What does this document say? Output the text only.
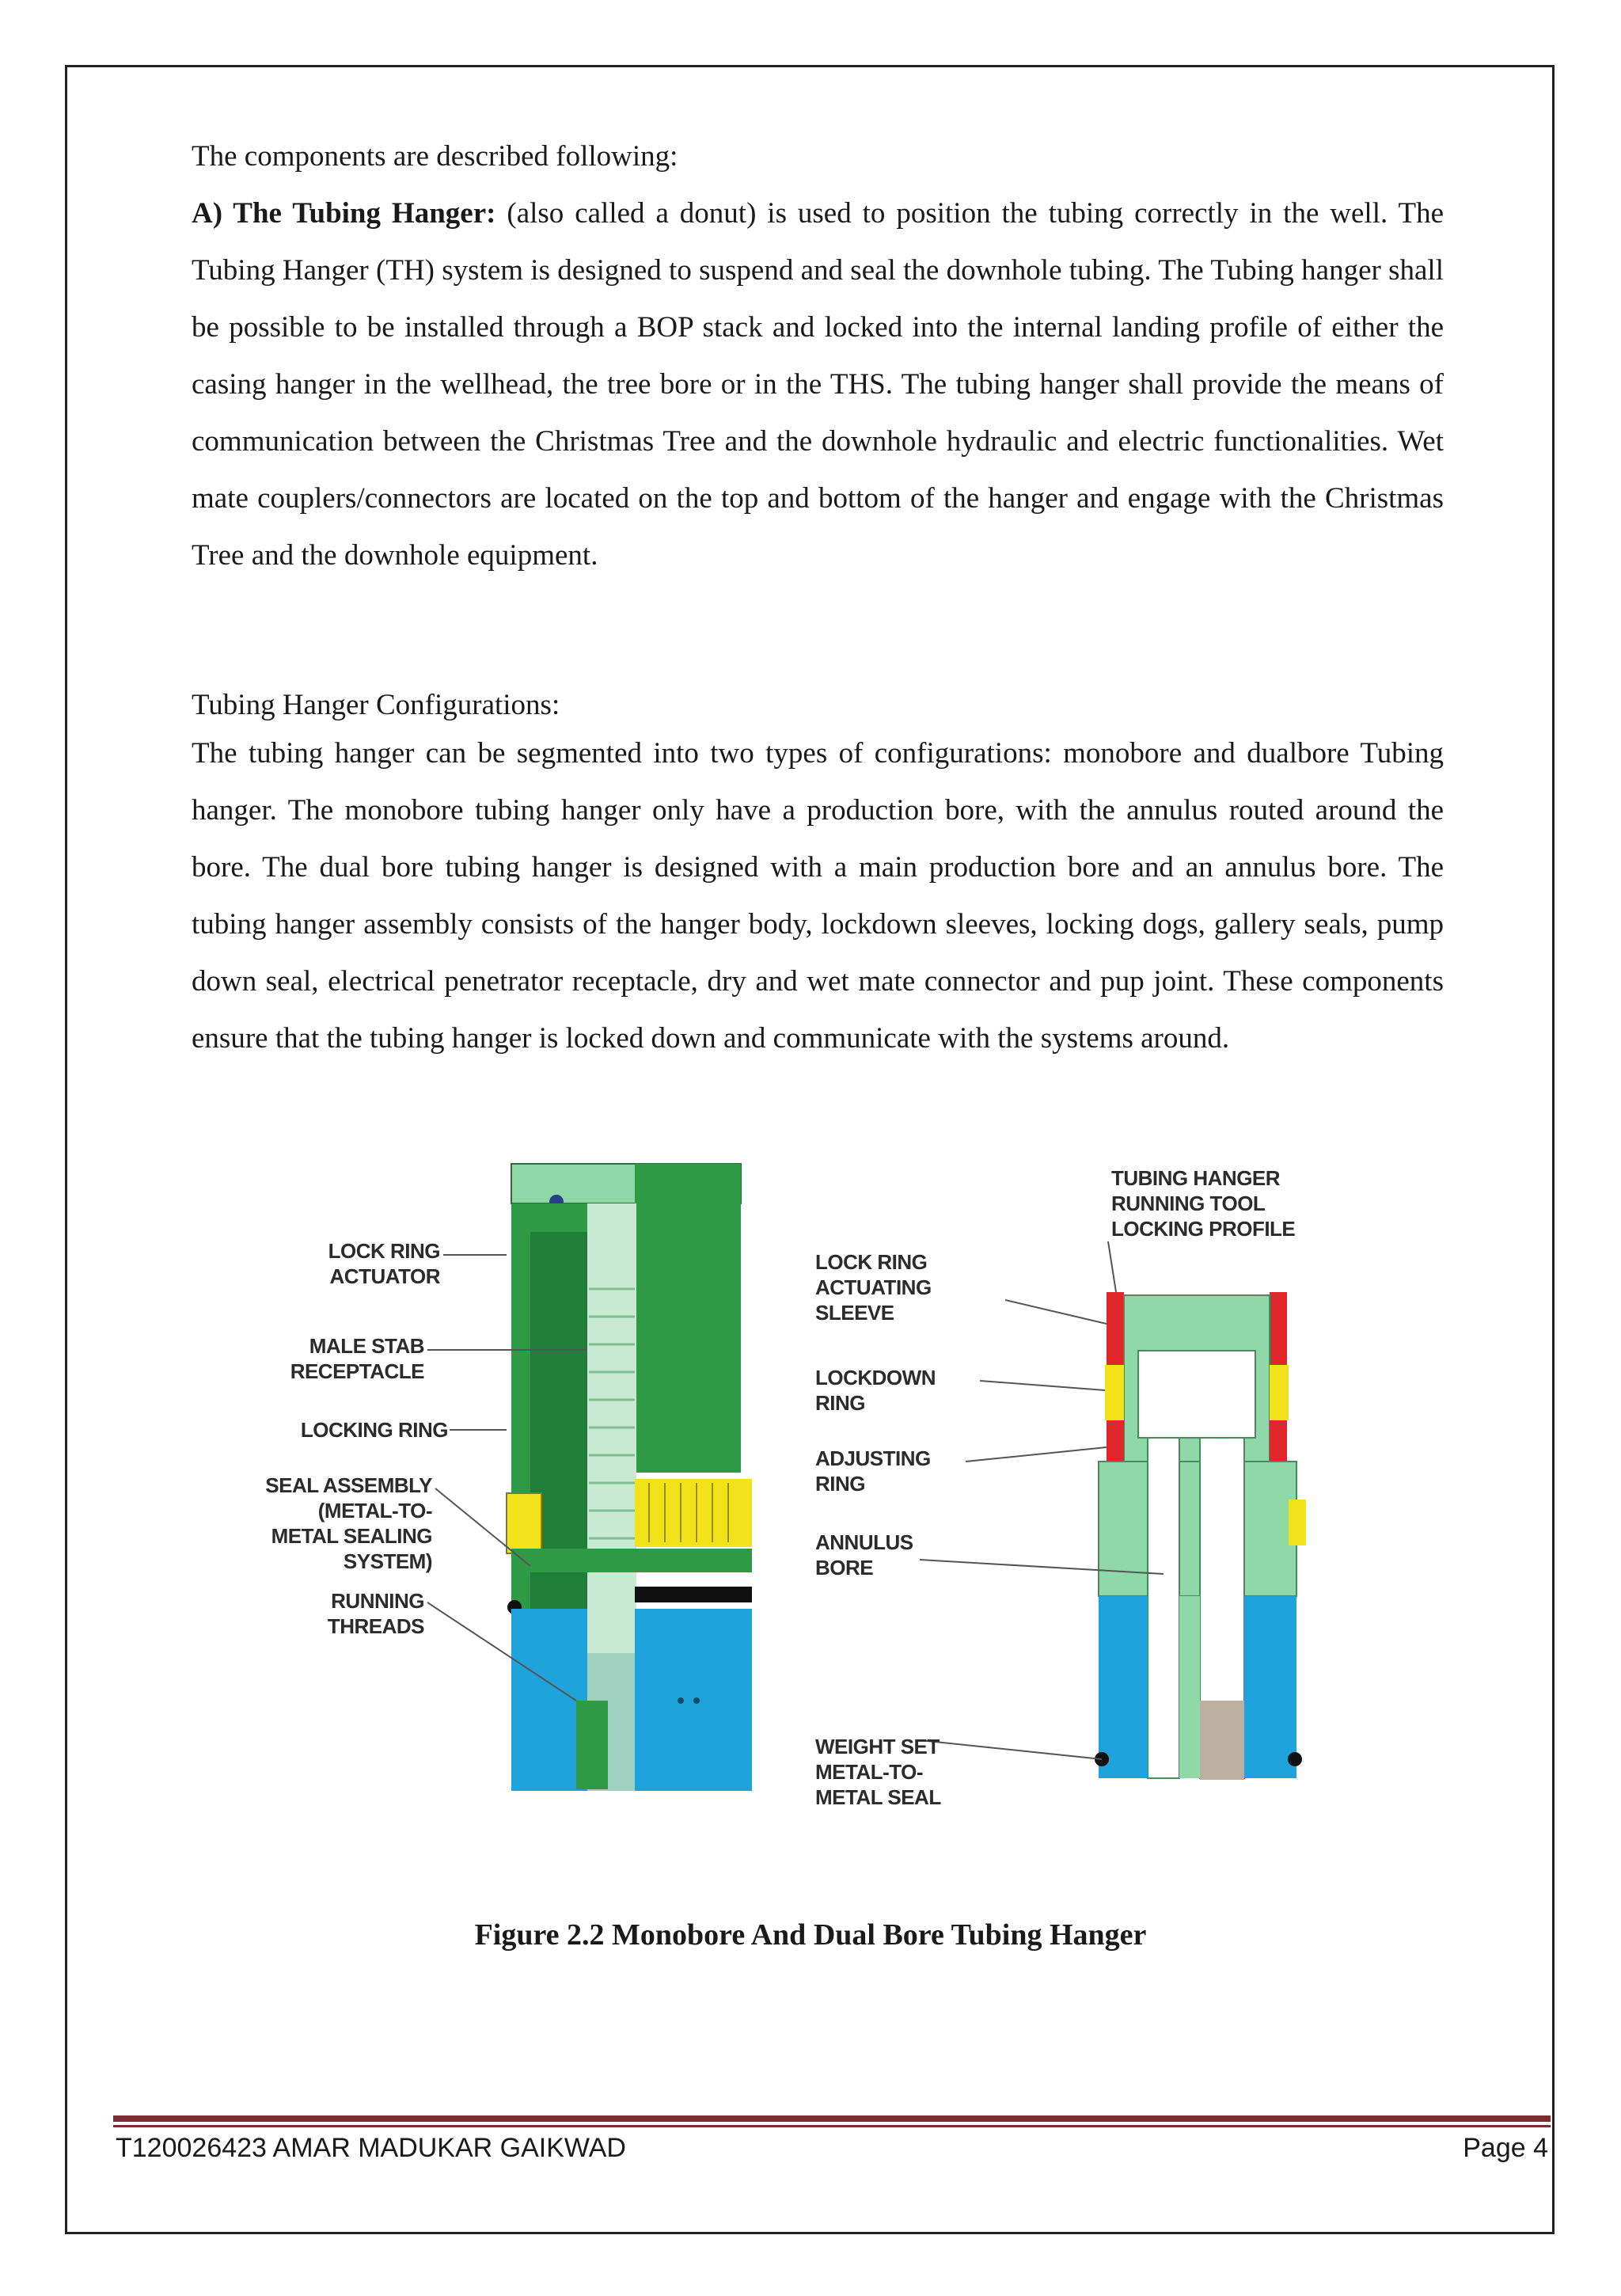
The components are described following:

A) The Tubing Hanger: (also called a donut) is used to position the tubing correctly in the well. The Tubing Hanger (TH) system is designed to suspend and seal the downhole tubing. The Tubing hanger shall be possible to be installed through a BOP stack and locked into the internal landing profile of either the casing hanger in the wellhead, the tree bore or in the THS. The tubing hanger shall provide the means of communication between the Christmas Tree and the downhole hydraulic and electric functionalities. Wet mate couplers/connectors are located on the top and bottom of the hanger and engage with the Christmas Tree and the downhole equipment.

Tubing Hanger Configurations:

The tubing hanger can be segmented into two types of configurations: monobore and dualbore Tubing hanger. The monobore tubing hanger only have a production bore, with the annulus routed around the bore. The dual bore tubing hanger is designed with a main production bore and an annulus bore. The tubing hanger assembly consists of the hanger body, lockdown sleeves, locking dogs, gallery seals, pump down seal, electrical penetrator receptacle, dry and wet mate connector and pup joint. These components ensure that the tubing hanger is locked down and communicate with the systems around.

LOCK RING
ACTUATOR
MALE STAB
RECEPTACLE
LOCKING RING
SEAL ASSEMBLY
(METAL-TO-
METAL SEALING
SYSTEM)
RUNNING
THREADS
TUBING HANGER
RUNNING TOOL
LOCKING PROFILE
LOCK RING
ACTUATING
SLEEVE
LOCKDOWN
RING
ADJUSTING
RING
ANNULUS
BORE
WEIGHT SET
METAL-TO-
METAL SEAL
Figure 2.2 Monobore And Dual Bore Tubing Hanger
T120026423 AMAR MADUKAR GAIKWAD	Page 4
